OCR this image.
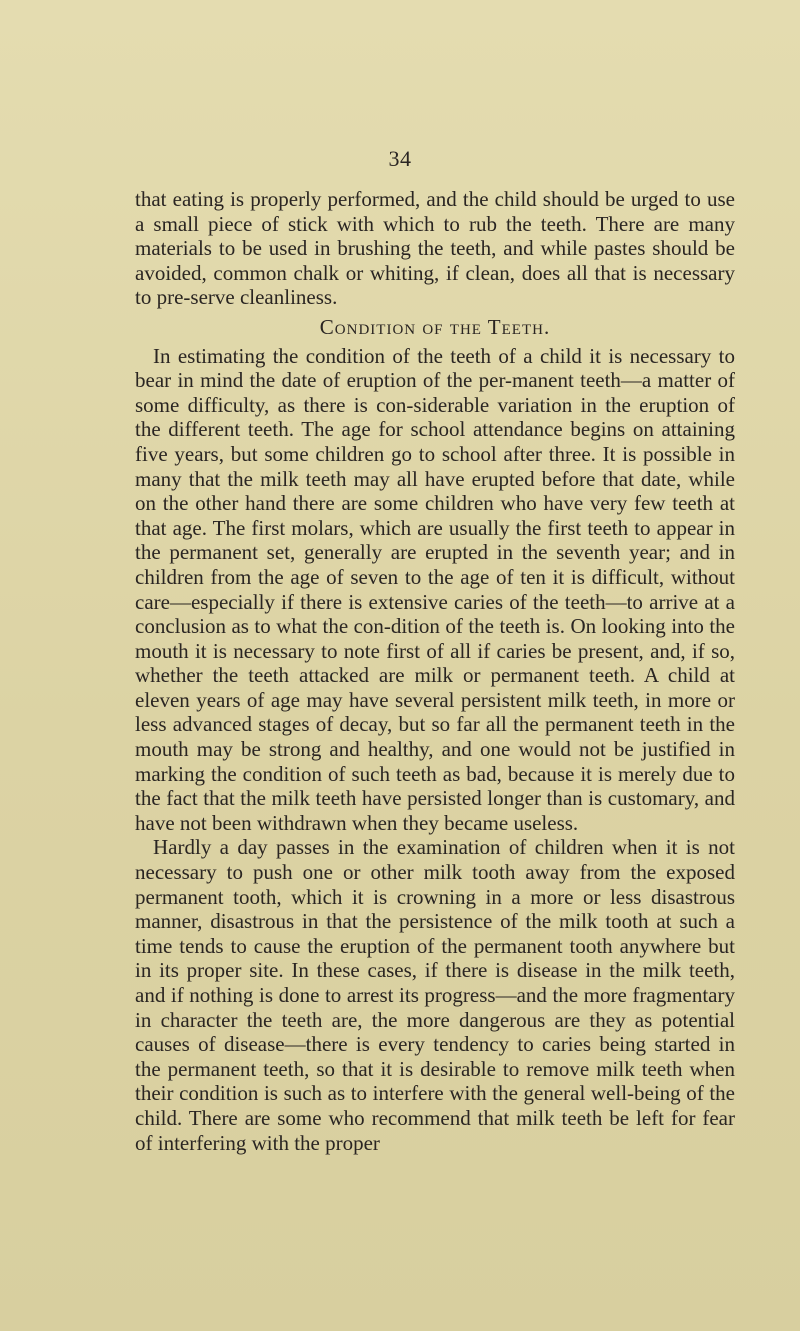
34

that eating is properly performed, and the child should be urged to use a small piece of stick with which to rub the teeth. There are many materials to be used in brushing the teeth, and while pastes should be avoided, common chalk or whiting, if clean, does all that is necessary to pre-serve cleanliness.

Condition of the Teeth.

In estimating the condition of the teeth of a child it is necessary to bear in mind the date of eruption of the per-manent teeth—a matter of some difficulty, as there is con-siderable variation in the eruption of the different teeth. The age for school attendance begins on attaining five years, but some children go to school after three. It is possible in many that the milk teeth may all have erupted before that date, while on the other hand there are some children who have very few teeth at that age. The first molars, which are usually the first teeth to appear in the permanent set, generally are erupted in the seventh year; and in children from the age of seven to the age of ten it is difficult, without care—especially if there is extensive caries of the teeth—to arrive at a conclusion as to what the con-dition of the teeth is. On looking into the mouth it is necessary to note first of all if caries be present, and, if so, whether the teeth attacked are milk or permanent teeth. A child at eleven years of age may have several persistent milk teeth, in more or less advanced stages of decay, but so far all the permanent teeth in the mouth may be strong and healthy, and one would not be justified in marking the condition of such teeth as bad, because it is merely due to the fact that the milk teeth have persisted longer than is customary, and have not been withdrawn when they became useless.

Hardly a day passes in the examination of children when it is not necessary to push one or other milk tooth away from the exposed permanent tooth, which it is crowning in a more or less disastrous manner, disastrous in that the persistence of the milk tooth at such a time tends to cause the eruption of the permanent tooth anywhere but in its proper site. In these cases, if there is disease in the milk teeth, and if nothing is done to arrest its progress—and the more fragmentary in character the teeth are, the more dangerous are they as potential causes of disease—there is every tendency to caries being started in the permanent teeth, so that it is desirable to remove milk teeth when their condition is such as to interfere with the general well-being of the child. There are some who recommend that milk teeth be left for fear of interfering with the proper
